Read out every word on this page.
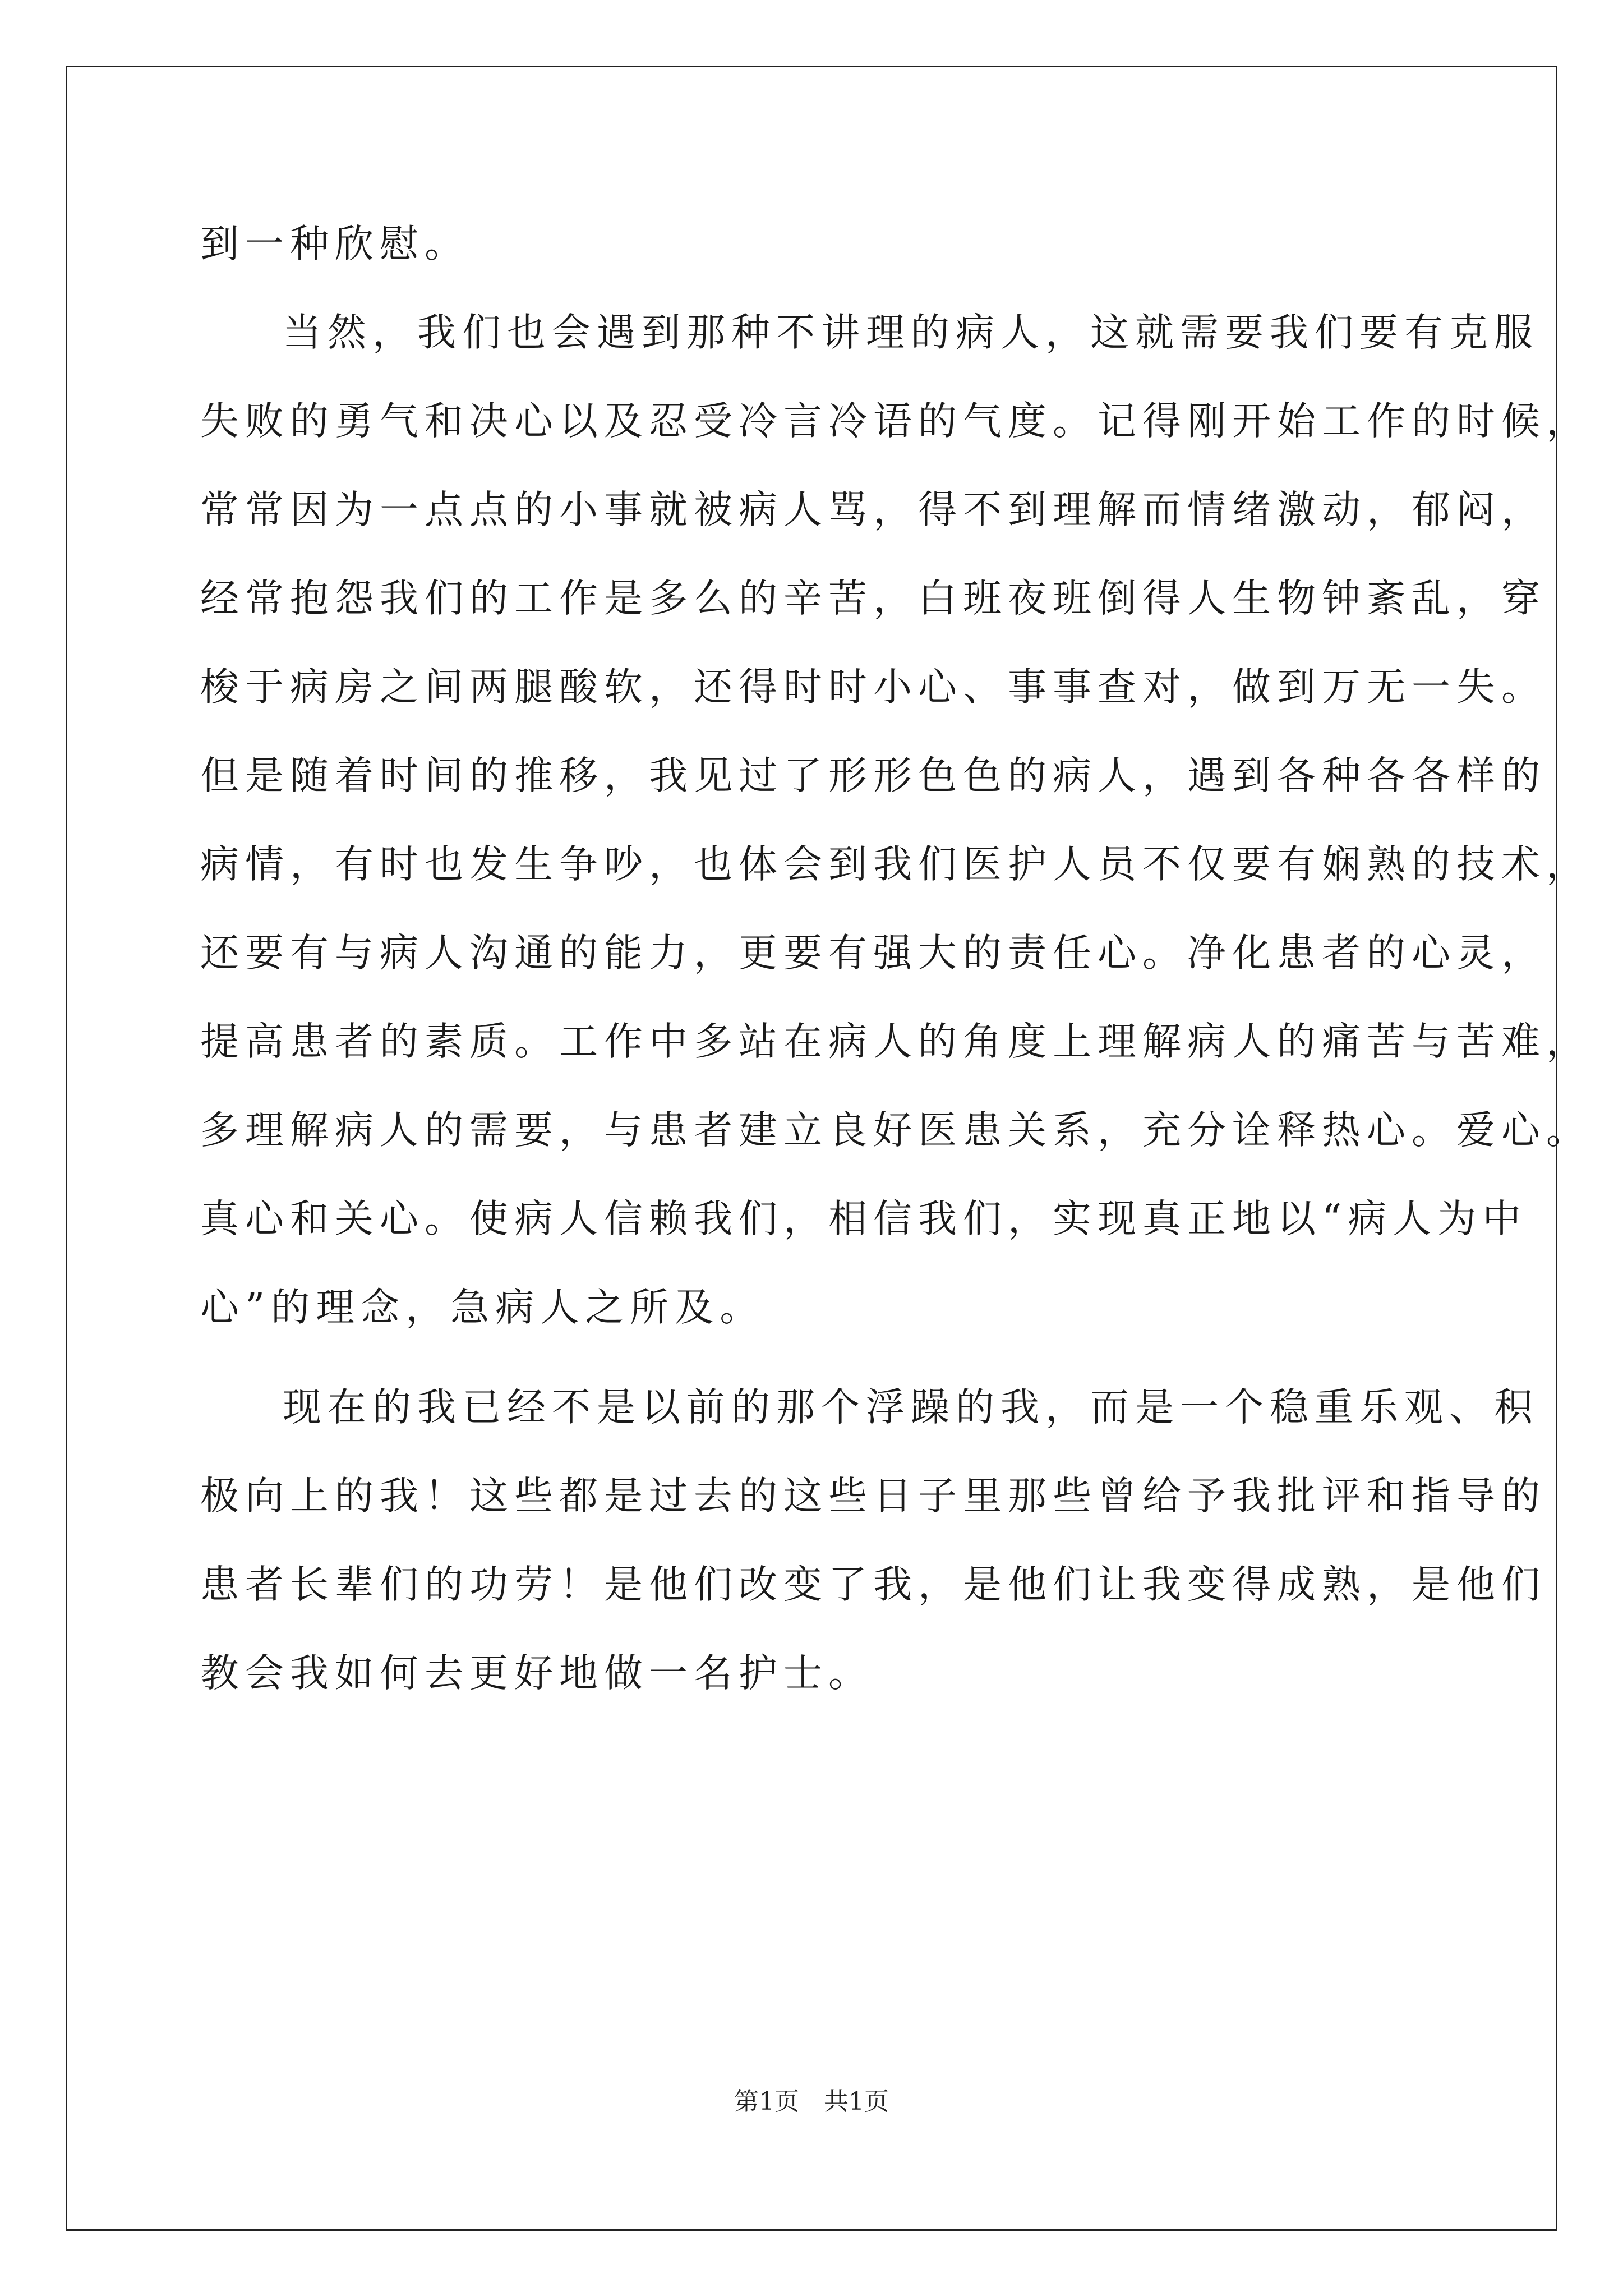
到一种欣慰。
当然，我们也会遇到那种不讲理的病人，这就需要我们要有克服
失败的勇气和决心以及忍受冷言冷语的气度。记得刚开始工作的时候，
常常因为一点点的小事就被病人骂，得不到理解而情绪激动，郁闷，
经常抱怨我们的工作是多么的辛苦，白班夜班倒得人生物钟紊乱，穿
梭于病房之间两腿酸软，还得时时小心、事事查对，做到万无一失。
但是随着时间的推移，我见过了形形色色的病人，遇到各种各各样的
病情，有时也发生争吵，也体会到我们医护人员不仅要有娴熟的技术，
还要有与病人沟通的能力，更要有强大的责任心。净化患者的心灵，
提高患者的素质。工作中多站在病人的角度上理解病人的痛苦与苦难，
多理解病人的需要，与患者建立良好医患关系，充分诠释热心。爱心。
真心和关心。使病人信赖我们，相信我们，实现真正地以“病人为中
心”的理念，急病人之所及。
现在的我已经不是以前的那个浮躁的我，而是一个稳重乐观、积
极向上的我！这些都是过去的这些日子里那些曾给予我批评和指导的
患者长辈们的功劳！是他们改变了我，是他们让我变得成熟，是他们
教会我如何去更好地做一名护士。
第1页　共1页
